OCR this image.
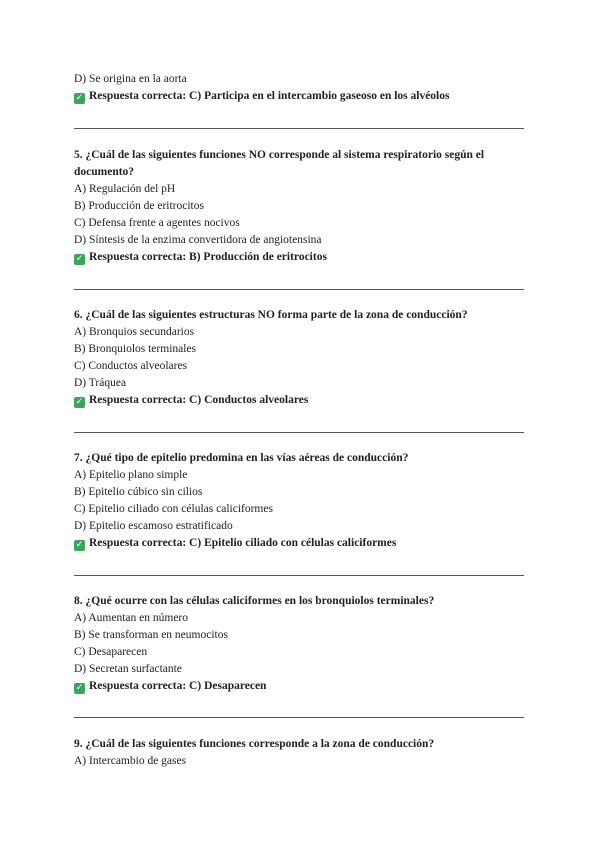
D) Se origina en la aorta
✓ Respuesta correcta: C) Participa en el intercambio gaseoso en los alvéolos
5. ¿Cuál de las siguientes funciones NO corresponde al sistema respiratorio según el documento?
A) Regulación del pH
B) Producción de eritrocitos
C) Defensa frente a agentes nocivos
D) Síntesis de la enzima convertidora de angiotensina
✓ Respuesta correcta: B) Producción de eritrocitos
6. ¿Cuál de las siguientes estructuras NO forma parte de la zona de conducción?
A) Bronquios secundarios
B) Bronquiolos terminales
C) Conductos alveolares
D) Tráquea
✓ Respuesta correcta: C) Conductos alveolares
7. ¿Qué tipo de epitelio predomina en las vías aéreas de conducción?
A) Epitelio plano simple
B) Epitelio cúbico sin cilios
C) Epitelio ciliado con células caliciformes
D) Epitelio escamoso estratificado
✓ Respuesta correcta: C) Epitelio ciliado con células caliciformes
8. ¿Qué ocurre con las células caliciformes en los bronquiolos terminales?
A) Aumentan en número
B) Se transforman en neumocitos
C) Desaparecen
D) Secretan surfactante
✓ Respuesta correcta: C) Desaparecen
9. ¿Cuál de las siguientes funciones corresponde a la zona de conducción?
A) Intercambio de gases
